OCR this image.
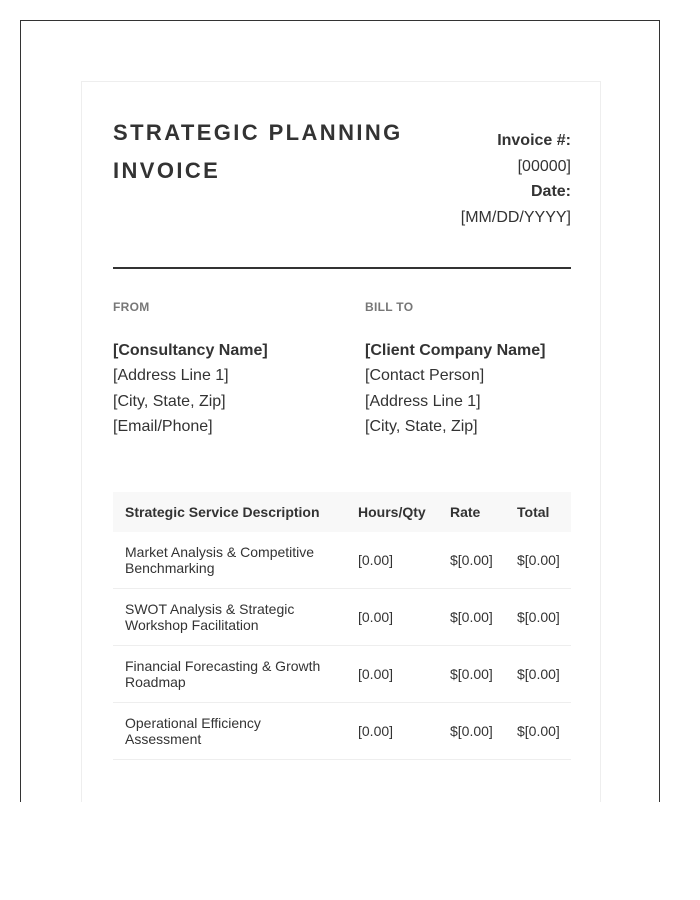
STRATEGIC PLANNING INVOICE
Invoice #:
[00000]
Date:
[MM/DD/YYYY]
FROM
[Consultancy Name]
[Address Line 1]
[City, State, Zip]
[Email/Phone]
BILL TO
[Client Company Name]
[Contact Person]
[Address Line 1]
[City, State, Zip]
Strategic Service Description	Hours/Qty	Rate	Total
Market Analysis & Competitive Benchmarking	[0.00]	$[0.00]	$[0.00]
SWOT Analysis & Strategic Workshop Facilitation	[0.00]	$[0.00]	$[0.00]
Financial Forecasting & Growth Roadmap	[0.00]	$[0.00]	$[0.00]
Operational Efficiency Assessment	[0.00]	$[0.00]	$[0.00]
